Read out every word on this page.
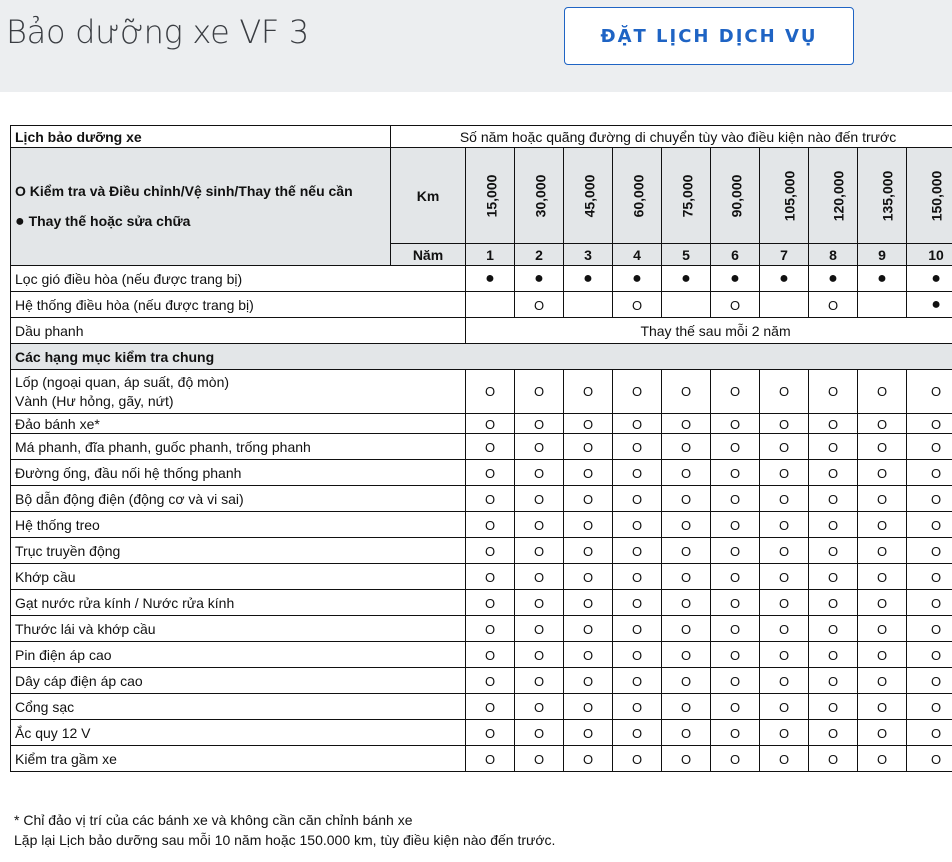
Bảo dưỡng xe VF 3	ĐẶT LỊCH DỊCH VỤ
Lịch bảo dưỡng xe	Số năm hoặc quãng đường di chuyển tùy vào điều kiện nào đến trước										

O Kiểm tra và Điều chỉnh/Vệ sinh/Thay thế nếu cần
● Thay thế hoặc sửa chữa	Km	15,000	30,000	45,000	60,000	75,000	90,000	105,000	120,000	135,000	150,000
	Năm	1	2	3	4	5	6	7	8	9	10
Lọc gió điều hòa (nếu được trang bị)		●	●	●	●	●	●	●	●	●	●
Hệ thống điều hòa (nếu được trang bị)			O		O		O		O		●
Dầu phanh		Thay thế sau mỗi 2 năm									
Các hạng mục kiểm tra chung											

Lốp (ngoại quan, áp suất, độ mòn)
Vành (Hư hỏng, gãy, nứt)		O	O	O	O	O	O	O	O	O	O
Đảo bánh xe*		O	O	O	O	O	O	O	O	O	O
Má phanh, đĩa phanh, guốc phanh, trống phanh		O	O	O	O	O	O	O	O	O	O
Đường ống, đầu nối hệ thống phanh		O	O	O	O	O	O	O	O	O	O
Bộ dẫn động điện (động cơ và vi sai)		O	O	O	O	O	O	O	O	O	O
Hệ thống treo		O	O	O	O	O	O	O	O	O	O
Trục truyền động		O	O	O	O	O	O	O	O	O	O
Khớp cầu		O	O	O	O	O	O	O	O	O	O
Gạt nước rửa kính / Nước rửa kính		O	O	O	O	O	O	O	O	O	O
Thước lái và khớp cầu		O	O	O	O	O	O	O	O	O	O
Pin điện áp cao		O	O	O	O	O	O	O	O	O	O
Dây cáp điện áp cao		O	O	O	O	O	O	O	O	O	O
Cổng sạc		O	O	O	O	O	O	O	O	O	O
Ắc quy 12 V		O	O	O	O	O	O	O	O	O	O
Kiểm tra gầm xe		O	O	O	O	O	O	O	O	O	O

* Chỉ đảo vị trí của các bánh xe và không cần căn chỉnh bánh xe

Lặp lại Lịch bảo dưỡng sau mỗi 10 năm hoặc 150.000 km, tùy điều kiện nào đến trước.
